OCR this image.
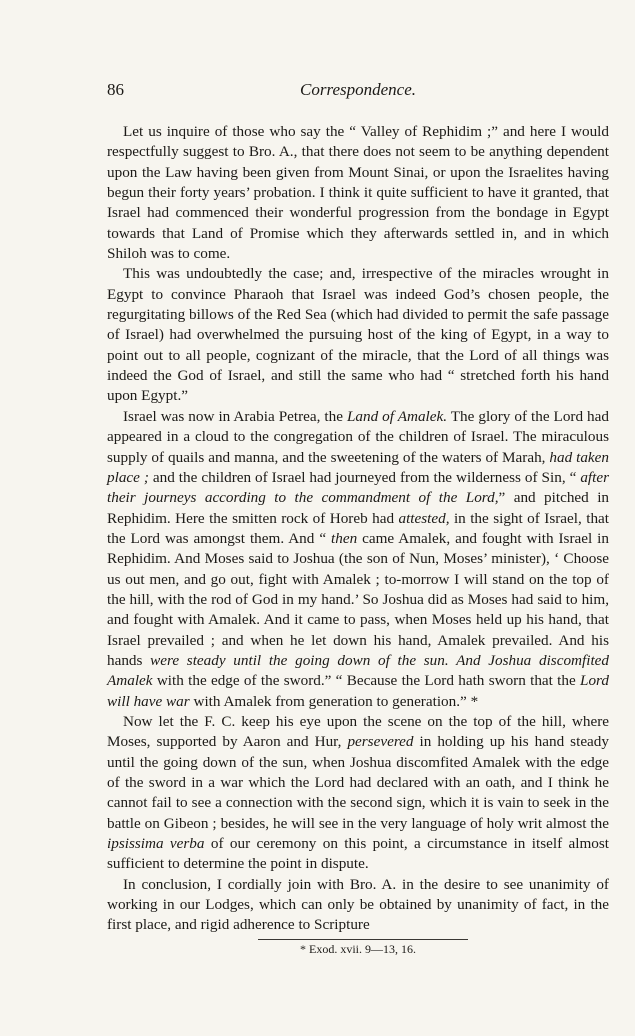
86	Correspondence.

Let us inquire of those who say the “ Valley of Rephidim ;” and here I would respectfully suggest to Bro. A., that there does not seem to be anything dependent upon the Law having been given from Mount Sinai, or upon the Israelites having begun their forty years’ probation. I think it quite sufficient to have it granted, that Israel had commenced their wonderful progression from the bondage in Egypt towards that Land of Promise which they afterwards settled in, and in which Shiloh was to come.

This was undoubtedly the case; and, irrespective of the miracles wrought in Egypt to convince Pharaoh that Israel was indeed God’s chosen people, the regurgitating billows of the Red Sea (which had divided to permit the safe passage of Israel) had overwhelmed the pursuing host of the king of Egypt, in a way to point out to all people, cognizant of the miracle, that the Lord of all things was indeed the God of Israel, and still the same who had “ stretched forth his hand upon Egypt.”

Israel was now in Arabia Petrea, the Land of Amalek. The glory of the Lord had appeared in a cloud to the congregation of the children of Israel. The miraculous supply of quails and manna, and the sweetening of the waters of Marah, had taken place ; and the children of Israel had journeyed from the wilderness of Sin, “ after their journeys according to the commandment of the Lord,” and pitched in Rephidim. Here the smitten rock of Horeb had attested, in the sight of Israel, that the Lord was amongst them. And “ then came Amalek, and fought with Israel in Rephidim. And Moses said to Joshua (the son of Nun, Moses’ minister), ‘ Choose us out men, and go out, fight with Amalek ; to-morrow I will stand on the top of the hill, with the rod of God in my hand.’ So Joshua did as Moses had said to him, and fought with Amalek. And it came to pass, when Moses held up his hand, that Israel prevailed ; and when he let down his hand, Amalek prevailed. And his hands were steady until the going down of the sun. And Joshua discomfited Amalek with the edge of the sword.” “ Because the Lord hath sworn that the Lord will have war with Amalek from generation to generation.” *

Now let the F. C. keep his eye upon the scene on the top of the hill, where Moses, supported by Aaron and Hur, persevered in holding up his hand steady until the going down of the sun, when Joshua discomfited Amalek with the edge of the sword in a war which the Lord had declared with an oath, and I think he cannot fail to see a connection with the second sign, which it is vain to seek in the battle on Gibeon ; besides, he will see in the very language of holy writ almost the ipsissima verba of our ceremony on this point, a circumstance in itself almost sufficient to determine the point in dispute.

In conclusion, I cordially join with Bro. A. in the desire to see unanimity of working in our Lodges, which can only be obtained by unanimity of fact, in the first place, and rigid adherence to Scripture

* Exod. xvii. 9—13, 16.
